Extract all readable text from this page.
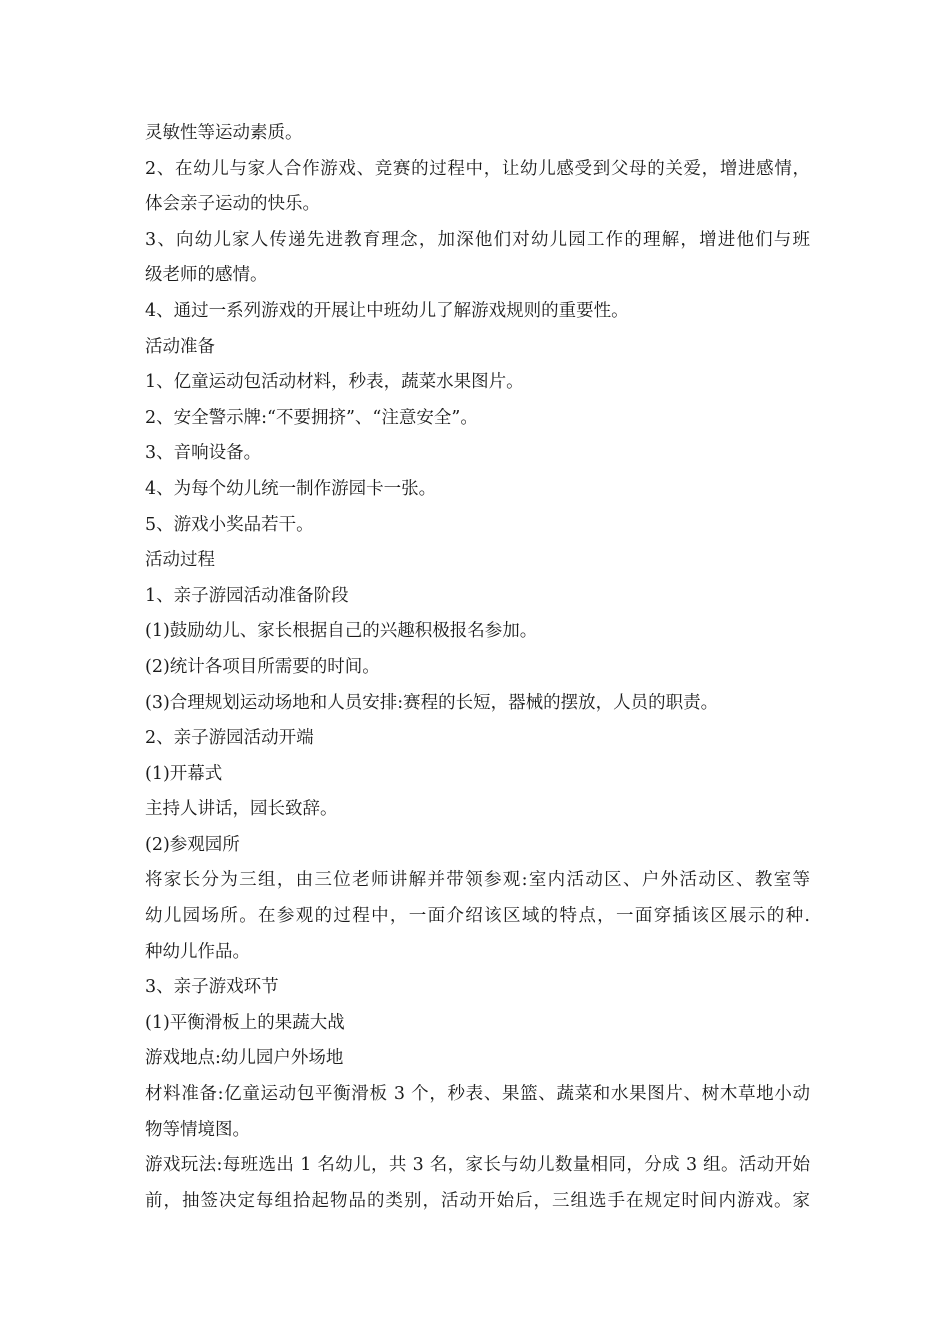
灵敏性等运动素质。
2、在幼儿与家人合作游戏、竞赛的过程中，让幼儿感受到父母的关爱，增进感情，
体会亲子运动的快乐。
3、向幼儿家人传递先进教育理念，加深他们对幼儿园工作的理解，增进他们与班
级老师的感情。
4、通过一系列游戏的开展让中班幼儿了解游戏规则的重要性。
活动准备
1、亿童运动包活动材料，秒表，蔬菜水果图片。
2、安全警示牌:“不要拥挤”、“注意安全”。
3、音响设备。
4、为每个幼儿统一制作游园卡一张。
5、游戏小奖品若干。
活动过程
1、亲子游园活动准备阶段
(1)鼓励幼儿、家长根据自己的兴趣积极报名参加。
(2)统计各项目所需要的时间。
(3)合理规划运动场地和人员安排:赛程的长短，器械的摆放，人员的职责。
2、亲子游园活动开端
(1)开幕式
主持人讲话，园长致辞。
(2)参观园所
将家长分为三组，由三位老师讲解并带领参观:室内活动区、户外活动区、教室等
幼儿园场所。在参观的过程中，一面介绍该区域的特点，一面穿插该区展示的种.
种幼儿作品。
3、亲子游戏环节
(1)平衡滑板上的果蔬大战
游戏地点:幼儿园户外场地
材料准备:亿童运动包平衡滑板 3 个，秒表、果篮、蔬菜和水果图片、树木草地小动
物等情境图。
游戏玩法:每班选出 1 名幼儿，共 3 名，家长与幼儿数量相同，分成 3 组。活动开始
前，抽签决定每组拾起物品的类别，活动开始后，三组选手在规定时间内游戏。家
